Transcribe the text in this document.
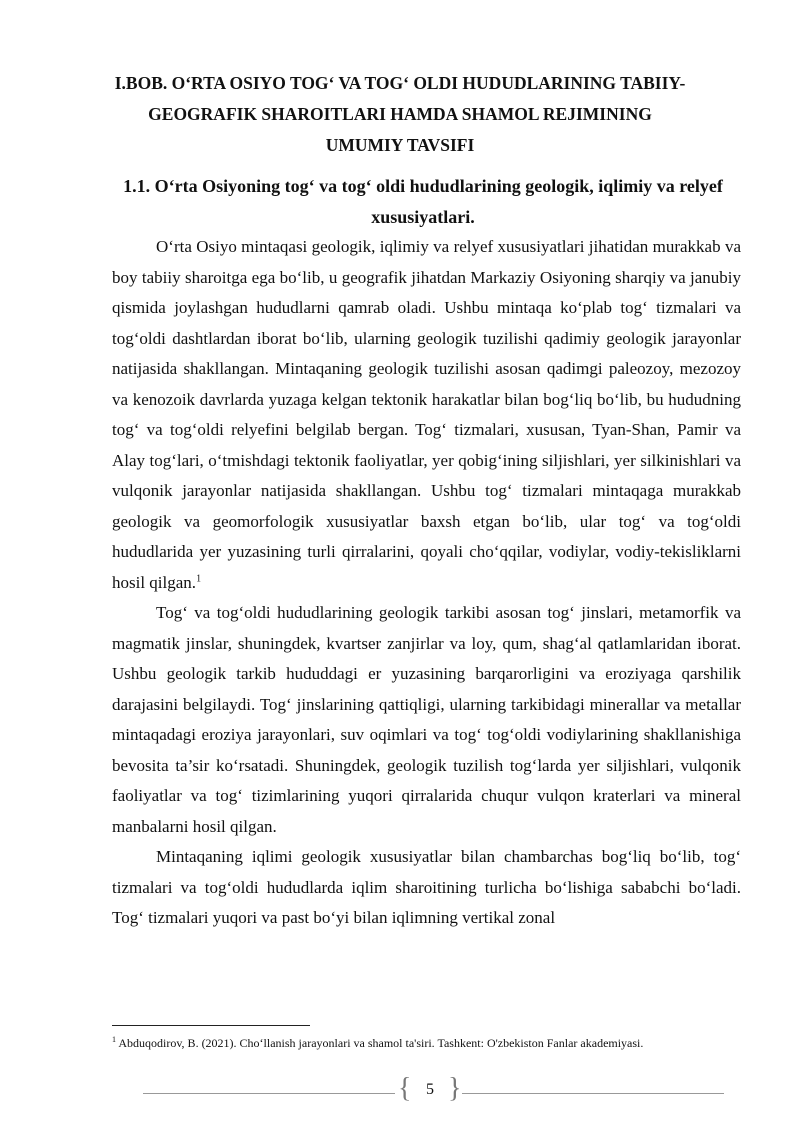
I.BOB. O‘RTA OSIYO TOG‘ VA TOG‘ OLDI HUDUDLARINING TABIIY-
GEOGRAFIK SHAROITLARI HAMDA SHAMOL REJIMINING
UMUMIY TAVSIFI
1.1. O‘rta Osiyoning tog‘ va tog‘ oldi hududlarining geologik, iqlimiy va relyef
xususiyatlari.

O‘rta Osiyo mintaqasi geologik, iqlimiy va relyef xususiyatlari jihatidan murakkab va boy tabiiy sharoitga ega bo‘lib, u geografik jihatdan Markaziy Osiyoning sharqiy va janubiy qismida joylashgan hududlarni qamrab oladi. Ushbu mintaqa ko‘plab tog‘ tizmalari va tog‘oldi dashtlardan iborat bo‘lib, ularning geologik tuzilishi qadimiy geologik jarayonlar natijasida shakllangan. Mintaqaning geologik tuzilishi asosan qadimgi paleozoy, mezozoy va kenozoik davrlarda yuzaga kelgan tektonik harakatlar bilan bog‘liq bo‘lib, bu hududning tog‘ va tog‘oldi relyefini belgilab bergan. Tog‘ tizmalari, xususan, Tyan-Shan, Pamir va Alay tog‘lari, o‘tmishdagi tektonik faoliyatlar, yer qobig‘ining siljishlari, yer silkinishlari va vulqonik jarayonlar natijasida shakllangan. Ushbu tog‘ tizmalari mintaqaga murakkab geologik va geomorfologik xususiyatlar baxsh etgan bo‘lib, ular tog‘ va tog‘oldi hududlarida yer yuzasining turli qirralarini, qoyali cho‘qqilar, vodiylar, vodiy-tekisliklarni hosil qilgan.$^1$

Tog‘ va tog‘oldi hududlarining geologik tarkibi asosan tog‘ jinslari, metamorfik va magmatik jinslar, shuningdek, kvartser zanjirlar va loy, qum, shag‘al qatlamlaridan iborat. Ushbu geologik tarkib hududdagi er yuzasining barqarorligini va eroziyaga qarshilik darajasini belgilaydi. Tog‘ jinslarining qattiqligi, ularning tarkibidagi minerallar va metallar mintaqadagi eroziya jarayonlari, suv oqimlari va tog‘ tog‘oldi vodiylarining shakllanishiga bevosita ta’sir ko‘rsatadi. Shuningdek, geologik tuzilish tog‘larda yer siljishlari, vulqonik faoliyatlar va tog‘ tizimlarining yuqori qirralarida chuqur vulqon kraterlari va mineral manbalarni hosil qilgan.

Mintaqaning iqlimi geologik xususiyatlar bilan chambarchas bog‘liq bo‘lib, tog‘ tizmalari va tog‘oldi hududlarda iqlim sharoitining turlicha bo‘lishiga sababchi bo‘ladi. Tog‘ tizmalari yuqori va past bo‘yi bilan iqlimning vertikal zonal

$^1$ Abduqodirov, B. (2021). Cho‘llanish jarayonlari va shamol ta'siri. Tashkent: O'zbekiston Fanlar akademiyasi.

{ 5 }
